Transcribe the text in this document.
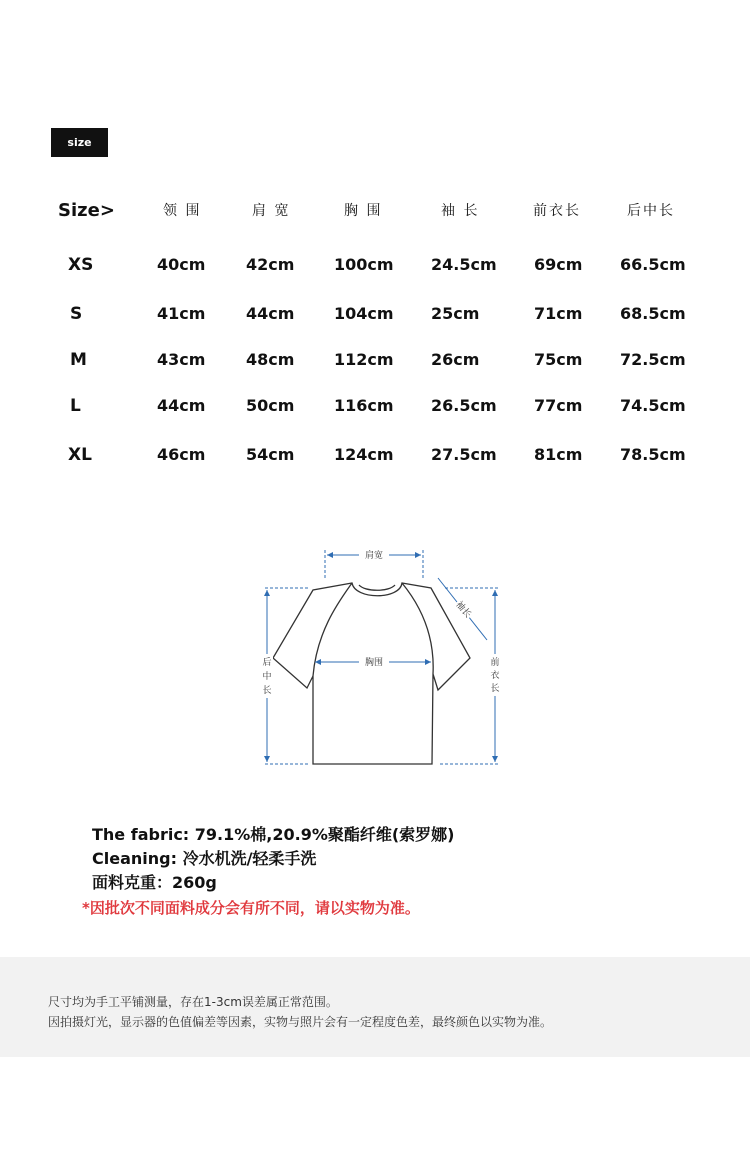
size
Size>	领 围	肩 宽	胸 围	袖 长	前衣长	后中长
XS	40cm	42cm 100cm 24.5cm 69cm 66.5cm
S	41cm	44cm 104cm 25cm	71cm 68.5cm
M	43cm	48cm 112cm 26cm	75cm 72.5cm
L	44cm	50cm 116cm 26.5cm 77cm 74.5cm
XL	46cm	54cm 124cm 27.5cm 81cm 78.5cm
肩宽
胸围
袖长
前
衣
长
后
中
长
The fabric: 79.1%棉,20.9%聚酯纤维(索罗娜)
Cleaning: 冷水机洗/轻柔手洗
面料克重：260g
*因批次不同面料成分会有所不同，请以实物为准。

尺寸均为手工平铺测量，存在1-3cm误差属正常范围。

因拍摄灯光，显示器的色值偏差等因素，实物与照片会有一定程度色差，最终颜色以实物为准。
